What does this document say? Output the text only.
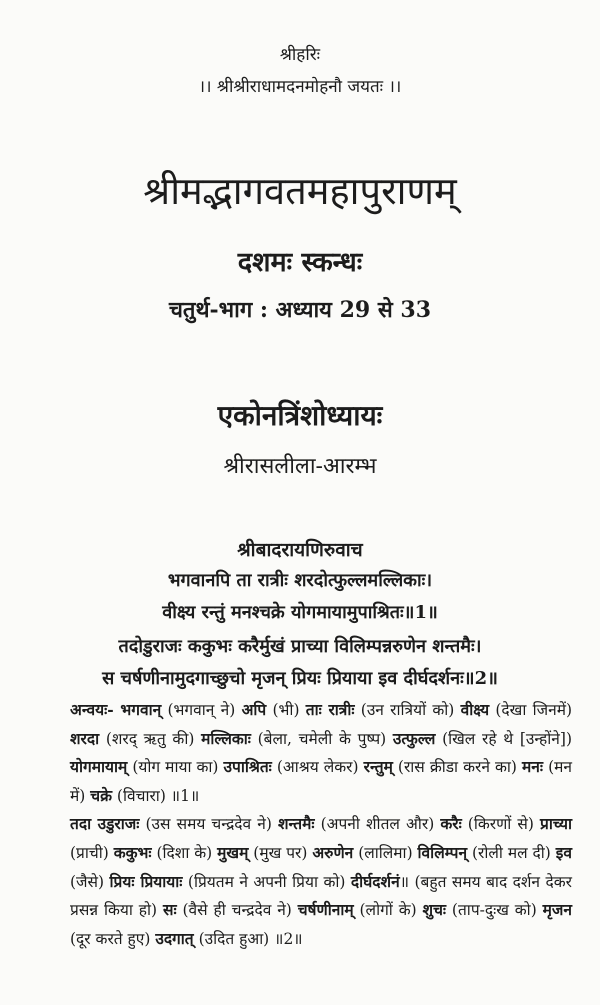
श्रीहरिः
।। श्रीश्रीराधामदनमोहनौ जयतः ।।
श्रीमद्भागवतमहापुराणम्
दशमः स्कन्धः
चतुर्थ-भाग : अध्याय 29 से 33
एकोनत्रिंशोध्यायः
श्रीरासलीला-आरम्भ
श्रीबादरायणिरुवाच
भगवानपि ता रात्रीः शरदोत्फुल्लमल्लिकाः।
वीक्ष्य रन्तुं मनश्चक्रे योगमायामुपाश्रितः॥1॥
तदोडुराजः ककुभः करैर्मुखं प्राच्या विलिम्पन्नरुणेन शन्तमैः।
स चर्षणीनामुदगाच्छुचो मृजन् प्रियः प्रियाया इव दीर्घदर्शनः॥2॥
अन्वयः- भगवान् (भगवान् ने) अपि (भी) ताः रात्रीः (उन रात्रियों को) वीक्ष्य (देखा जिनमें) शरदा (शरद् ऋतु की) मल्लिकाः (बेला, चमेली के पुष्प) उत्फुल्ल (खिल रहे थे [उन्होंने]) योगमायाम् (योग माया का) उपाश्रितः (आश्रय लेकर) रन्तुम् (रास क्रीडा करने का) मनः (मन में) चक्रे (विचारा) ॥1॥
तदा उडुराजः (उस समय चन्द्रदेव ने) शन्तमैः (अपनी शीतल और) करैः (किरणों से) प्राच्या (प्राची) ककुभः (दिशा के) मुखम् (मुख पर) अरुणेन (लालिमा) विलिम्पन् (रोली मल दी) इव (जैसे) प्रियः प्रियायाः (प्रियतम ने अपनी प्रिया को) दीर्घदर्शनं॥ (बहुत समय बाद दर्शन देकर प्रसन्न किया हो) सः (वैसे ही चन्द्रदेव ने) चर्षणीनाम् (लोगों के) शुचः (ताप-दुःख को) मृजन (दूर करते हुए) उदगात् (उदित हुआ) ॥2॥
